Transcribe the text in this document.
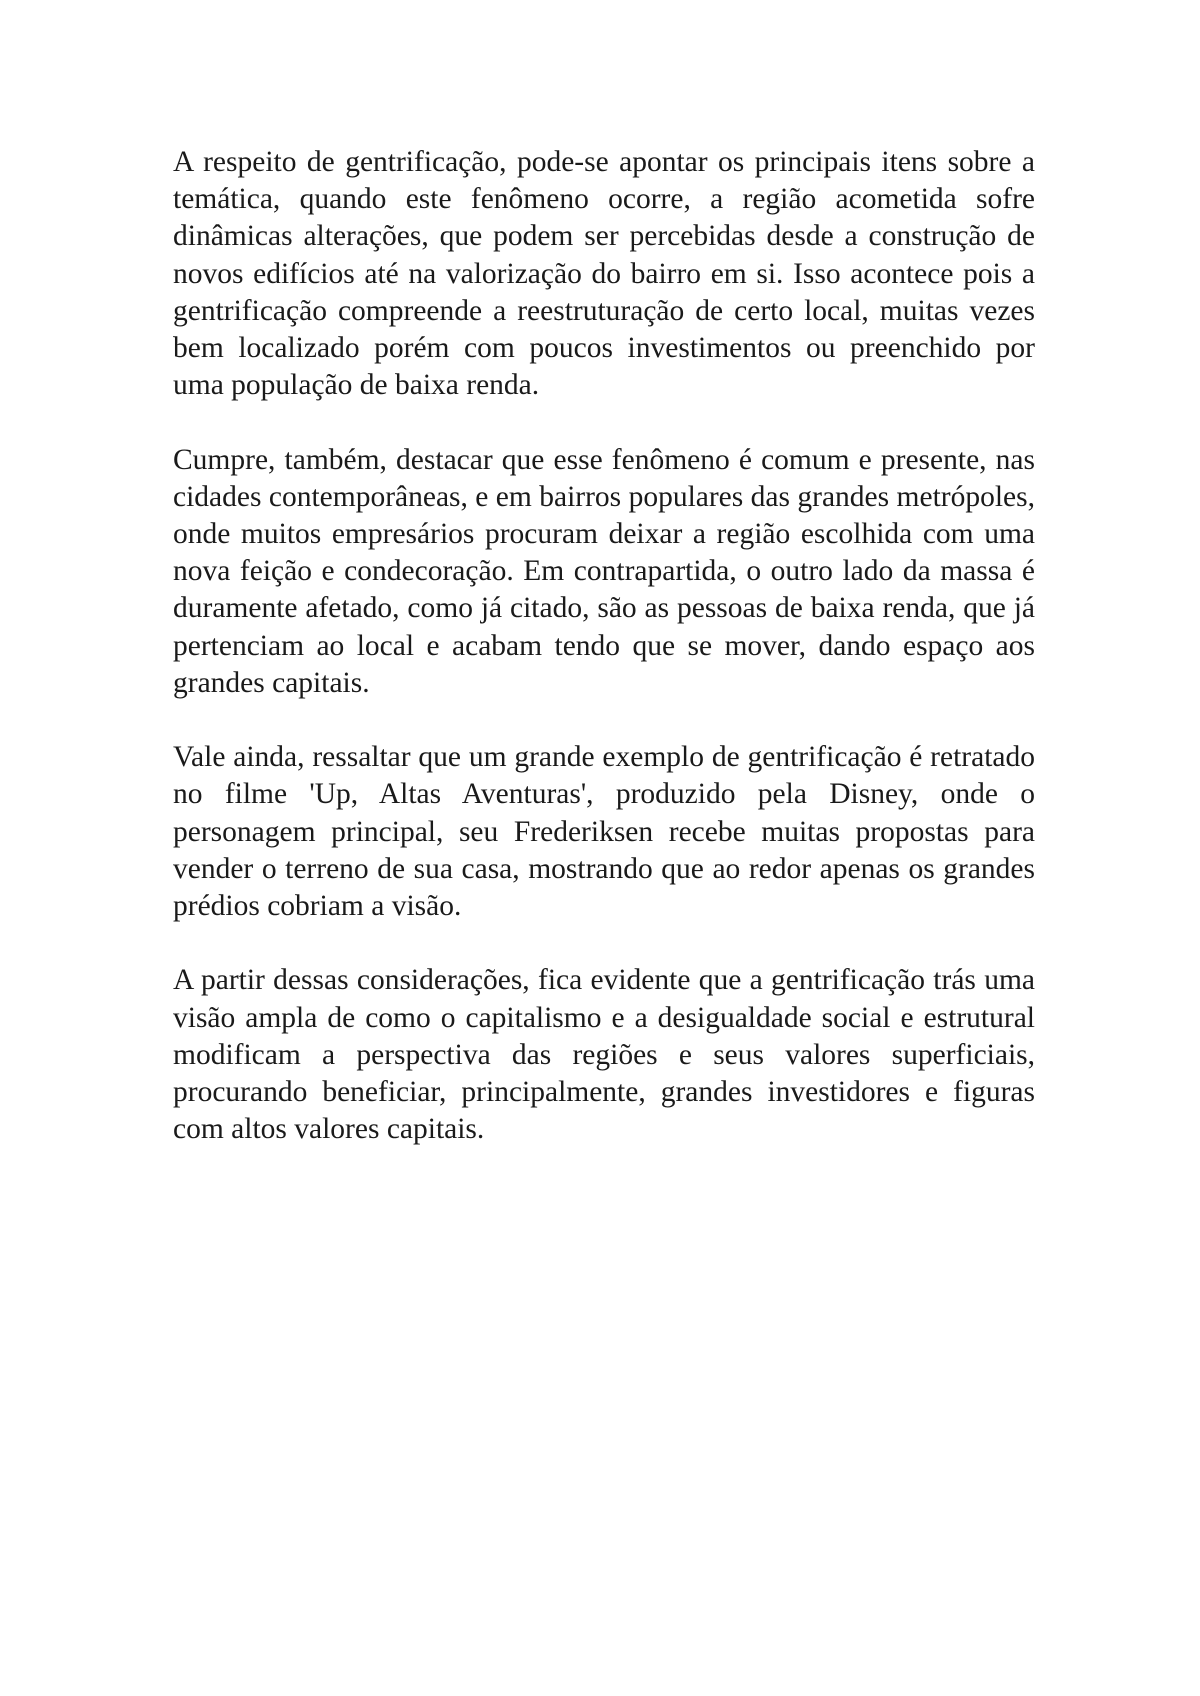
A respeito de gentrificação, pode-se apontar os principais itens sobre a temática, quando este fenômeno ocorre, a região acometida sofre dinâmicas alterações, que podem ser percebidas desde a construção de novos edifícios até na valorização do bairro em si. Isso acontece pois a gentrificação compreende a reestruturação de certo local, muitas vezes bem localizado porém com poucos investimentos ou preenchido por uma população de baixa renda.

Cumpre, também, destacar que esse fenômeno é comum e presente, nas cidades contemporâneas, e em bairros populares das grandes metrópoles, onde muitos empresários procuram deixar a região escolhida com uma nova feição e condecoração. Em contrapartida, o outro lado da massa é duramente afetado, como já citado, são as pessoas de baixa renda, que já pertenciam ao local e acabam tendo que se mover, dando espaço aos grandes capitais.

Vale ainda, ressaltar que um grande exemplo de gentrificação é retratado no filme 'Up, Altas Aventuras', produzido pela Disney, onde o personagem principal, seu Frederiksen recebe muitas propostas para vender o terreno de sua casa, mostrando que ao redor apenas os grandes prédios cobriam a visão.

A partir dessas considerações, fica evidente que a gentrificação trás uma visão ampla de como o capitalismo e a desigualdade social e estrutural modificam a perspectiva das regiões e seus valores superficiais, procurando beneficiar, principalmente, grandes investidores e figuras com altos valores capitais.
